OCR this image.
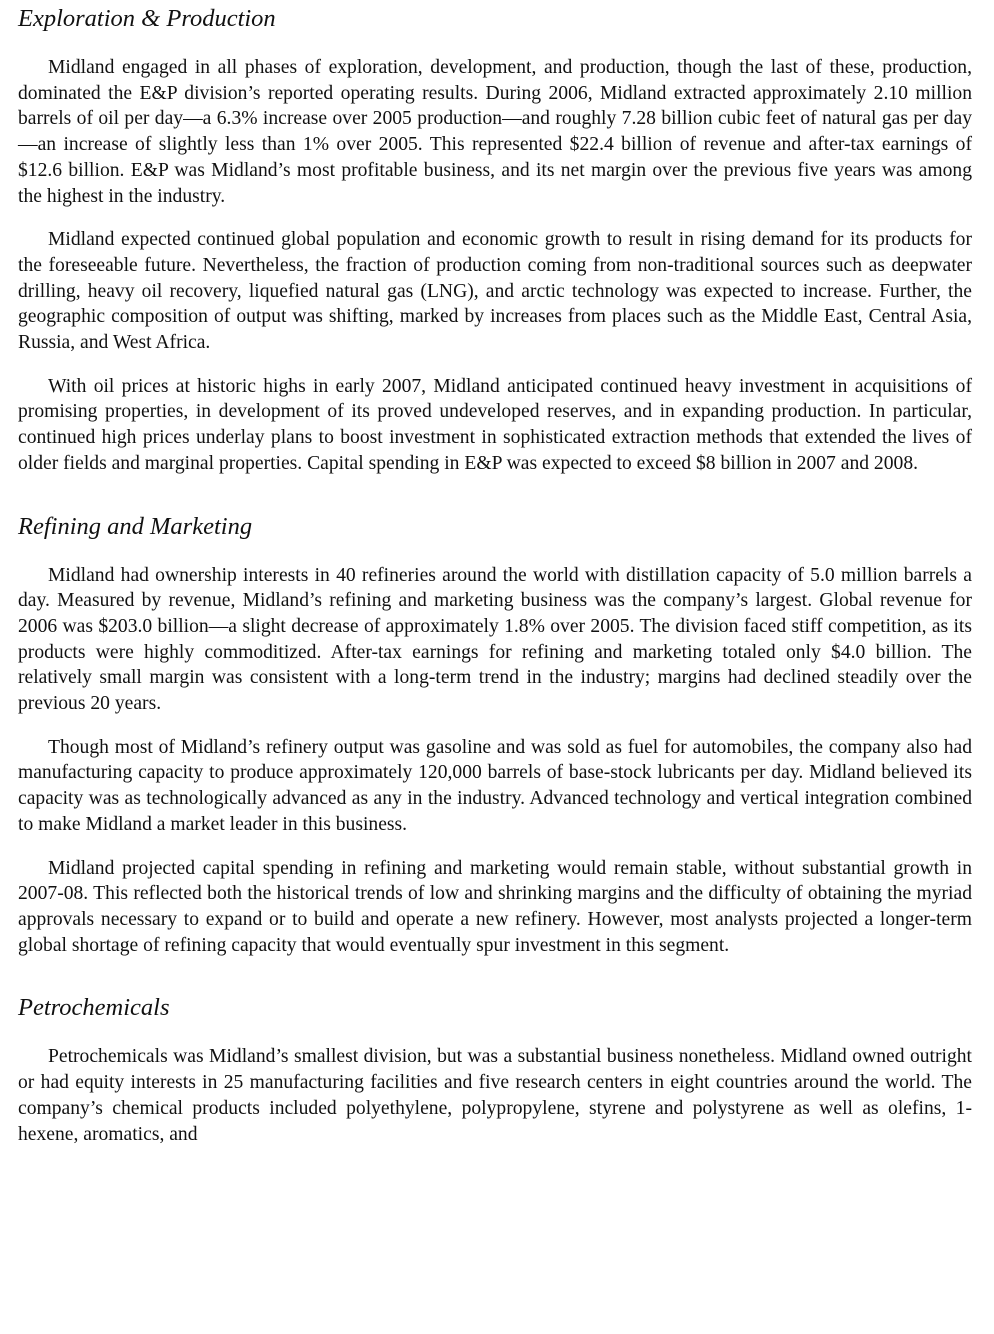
Exploration & Production

Midland engaged in all phases of exploration, development, and production, though the last of these, production, dominated the E&P division’s reported operating results. During 2006, Midland extracted approximately 2.10 million barrels of oil per day—a 6.3% increase over 2005 production—and roughly 7.28 billion cubic feet of natural gas per day—an increase of slightly less than 1% over 2005. This represented $22.4 billion of revenue and after-tax earnings of $12.6 billion. E&P was Midland’s most profitable business, and its net margin over the previous five years was among the highest in the industry.

Midland expected continued global population and economic growth to result in rising demand for its products for the foreseeable future. Nevertheless, the fraction of production coming from non-traditional sources such as deepwater drilling, heavy oil recovery, liquefied natural gas (LNG), and arctic technology was expected to increase. Further, the geographic composition of output was shifting, marked by increases from places such as the Middle East, Central Asia, Russia, and West Africa.

With oil prices at historic highs in early 2007, Midland anticipated continued heavy investment in acquisitions of promising properties, in development of its proved undeveloped reserves, and in expanding production. In particular, continued high prices underlay plans to boost investment in sophisticated extraction methods that extended the lives of older fields and marginal properties. Capital spending in E&P was expected to exceed $8 billion in 2007 and 2008.

Refining and Marketing

Midland had ownership interests in 40 refineries around the world with distillation capacity of 5.0 million barrels a day. Measured by revenue, Midland’s refining and marketing business was the company’s largest. Global revenue for 2006 was $203.0 billion—a slight decrease of approximately 1.8% over 2005. The division faced stiff competition, as its products were highly commoditized. After-tax earnings for refining and marketing totaled only $4.0 billion. The relatively small margin was consistent with a long-term trend in the industry; margins had declined steadily over the previous 20 years.

Though most of Midland’s refinery output was gasoline and was sold as fuel for automobiles, the company also had manufacturing capacity to produce approximately 120,000 barrels of base-stock lubricants per day. Midland believed its capacity was as technologically advanced as any in the industry. Advanced technology and vertical integration combined to make Midland a market leader in this business.

Midland projected capital spending in refining and marketing would remain stable, without substantial growth in 2007-08. This reflected both the historical trends of low and shrinking margins and the difficulty of obtaining the myriad approvals necessary to expand or to build and operate a new refinery. However, most analysts projected a longer-term global shortage of refining capacity that would eventually spur investment in this segment.

Petrochemicals

Petrochemicals was Midland’s smallest division, but was a substantial business nonetheless. Midland owned outright or had equity interests in 25 manufacturing facilities and five research centers in eight countries around the world. The company’s chemical products included polyethylene, polypropylene, styrene and polystyrene as well as olefins, 1-hexene, aromatics, and
